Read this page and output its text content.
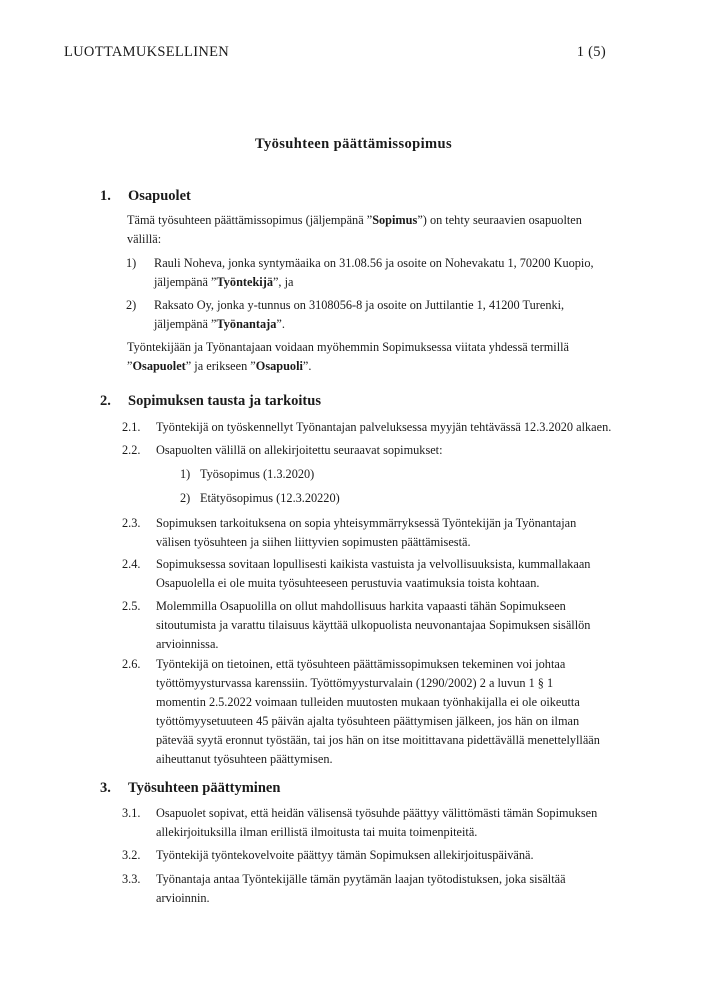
LUOTTAMUKSELLINEN	1 (5)
Työsuhteen päättämissopimus
1. Osapuolet

Tämä työsuhteen päättämissopimus (jäljempänä ”Sopimus”) on tehty seuraavien osapuolten välillä:

1) Rauli Noheva, jonka syntymäaika on 31.08.56 ja osoite on Nohevakatu 1, 70200 Kuopio,
jäljempänä ”Työntekijä”, ja
2) Raksato Oy, jonka y-tunnus on 3108056-8 ja osoite on Juttilantie 1, 41200 Turenki,
jäljempänä ”Työnantaja”.

Työntekijään ja Työnantajaan voidaan myöhemmin Sopimuksessa viitata yhdessä termillä
”Osapuolet” ja erikseen ”Osapuoli”.

2. Sopimuksen tausta ja tarkoitus
2.1. Työntekijä on työskennellyt Työnantajan palveluksessa myyjän tehtävässä 12.3.2020 alkaen.
2.2. Osapuolten välillä on allekirjoitettu seuraavat sopimukset:
1) Työsopimus (1.3.2020)
2) Etätyösopimus (12.3.20220)
2.3. Sopimuksen tarkoituksena on sopia yhteisymmärryksessä Työntekijän ja Työnantajan
välisen työsuhteen ja siihen liittyvien sopimusten päättämisestä.
2.4. Sopimuksessa sovitaan lopullisesti kaikista vastuista ja velvollisuuksista, kummallakaan
Osapuolella ei ole muita työsuhteeseen perustuvia vaatimuksia toista kohtaan.
2.5. Molemmilla Osapuolilla on ollut mahdollisuus harkita vapaasti tähän Sopimukseen
sitoutumista ja varattu tilaisuus käyttää ulkopuolista neuvonantajaa Sopimuksen sisällön
arvioinnissa.
2.6. Työntekijä on tietoinen, että työsuhteen päättämissopimuksen tekeminen voi johtaa
työttömyysturvassa karenssiin. Työttömyysturvalain (1290/2002) 2 a luvun 1 § 1
momentin 2.5.2022 voimaan tulleiden muutosten mukaan työnhakijalla ei ole oikeutta
työttömyysetuuteen 45 päivän ajalta työsuhteen päättymisen jälkeen, jos hän on ilman
pätevää syytä eronnut työstään, tai jos hän on itse moitittavana pidettävällä menettelyllään
aiheuttanut työsuhteen päättymisen.
3. Työsuhteen päättyminen
3.1. Osapuolet sopivat, että heidän välisensä työsuhde päättyy välittömästi tämän Sopimuksen
allekirjoituksilla ilman erillistä ilmoitusta tai muita toimenpiteitä.
3.2. Työntekijä työntekovelvoite päättyy tämän Sopimuksen allekirjoituspäivänä.
3.3. Työnantaja antaa Työntekijälle tämän pyytämän laajan työtodistuksen, joka sisältää
arvioinnin.
